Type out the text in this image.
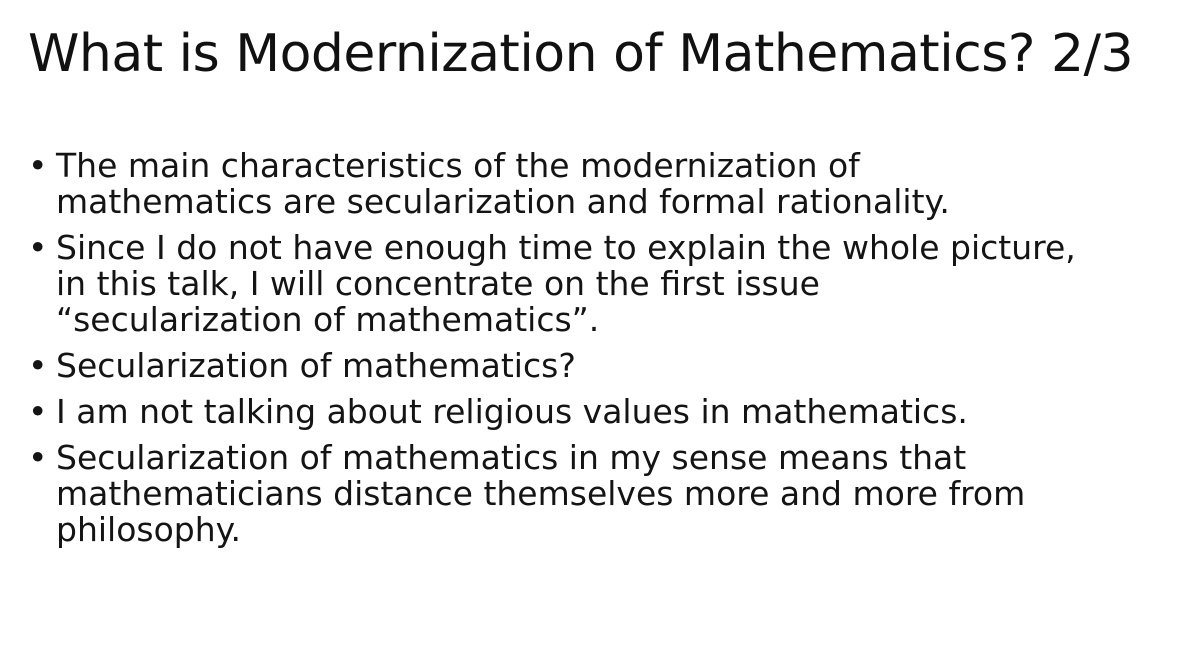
What is Modernization of Mathematics? 2/3
• The main characteristics of the modernization of
mathematics are secularization and formal rationality.
• Since I do not have enough time to explain the whole picture,
in this talk, I will concentrate on the first issue
“secularization of mathematics”.
• Secularization of mathematics?
• I am not talking about religious values in mathematics.
• Secularization of mathematics in my sense means that
mathematicians distance themselves more and more from
philosophy.
